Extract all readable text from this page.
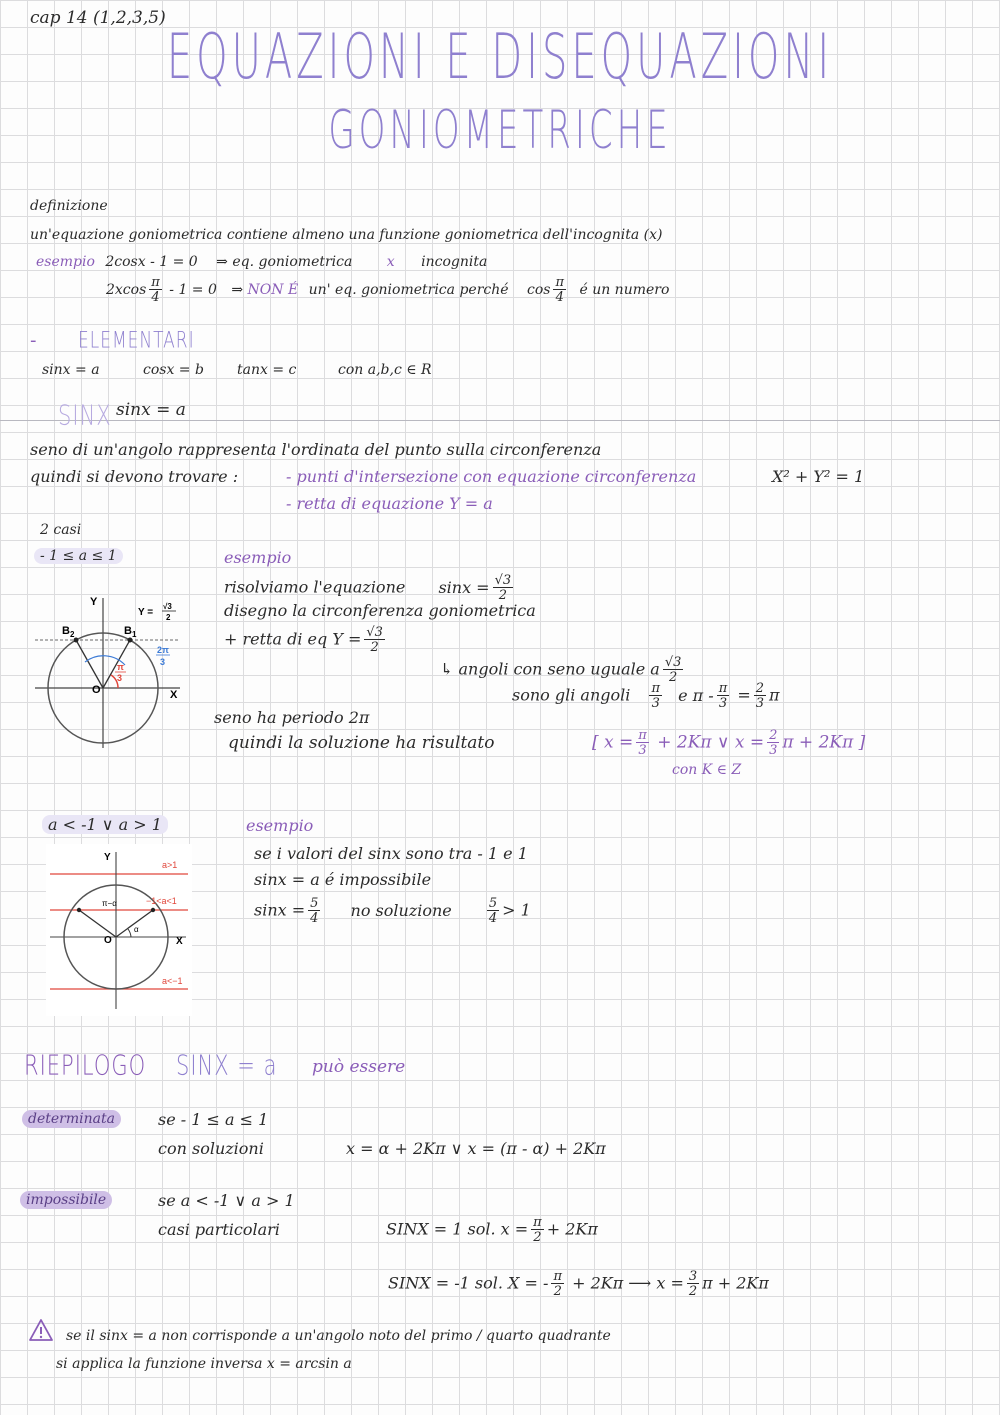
cap 14 (1,2,3,5)
EQUAZIONI E DISEQUAZIONI
GONIOMETRICHE
definizione
un'equazione goniometrica contiene almeno una funzione goniometrica dell'incognita (x)
esempio 2cosx - 1 = 0 ⇒ eq. goniometrica x incognita
$2xcos \frac{\pi}{4} - 1 = 0$ ⇒ NON É un' eq. goniometrica perché $\cos \frac{\pi}{4}$ é un numero
- ELEMENTARI
sinx = a	cosx = b tanx = c	con a,b,c ∈ R
SINX sinx = a
seno di un'angolo rappresenta l'ordinata del punto sulla circonferenza
quindi si devono trovare :	- punti d'intersezione con equazione circonferenza	X² + Y² = 1
- retta di equazione Y = a
2 casi
- 1 ≤ a ≤ 1
Y
X
O
$B_1$
$B_2$
Y =
√3
2
π
3
2π
3
esempio
risolviamo l'equazione $\sin x = \frac{√3}{2}$
disegno la circonferenza goniometrica
+ retta di eq $Y = \frac{√3}{2}$
↳ angoli con seno uguale a $\frac{√3}{2}$
sono gli angoli $\frac{\pi}{3}$ e $\pi - \frac{\pi}{3} = \frac{2}{3}$ π
seno ha periodo 2π
quindi la soluzione ha risultato	[ $x = \frac{\pi}{3} + 2K\pi$ ∨ $x = \frac{2}{3}$ π + 2Kπ ]
con K ∈ Z
a < -1 ∨ a > 1
Y
X
O
a>1
−1<a<1
a<−1
π−α
α
esempio
se i valori del sinx sono tra - 1 e 1
sinx = a é impossibile
$\sin x = \frac{5}{4}$ no soluzione	$\frac{5}{4} > 1$
RIEPILOGO SINX = a può essere
determinata	se - 1 ≤ a ≤ 1
con soluzioni	x = α + 2Kπ ∨ x = (π - α) + 2Kπ
impossibile	se a < -1 ∨ a > 1
casi particolari	SINX = 1 sol. $x = \frac{\pi}{2} + 2K\pi$
SINX = -1 sol. X = - $\frac{\pi}{2} + 2K\pi$ ⟶ $x = \frac{3}{2}$ π + 2Kπ
se il sinx = a non corrisponde a un'angolo noto del primo / quarto quadrante
si applica la funzione inversa x = arcsin a
